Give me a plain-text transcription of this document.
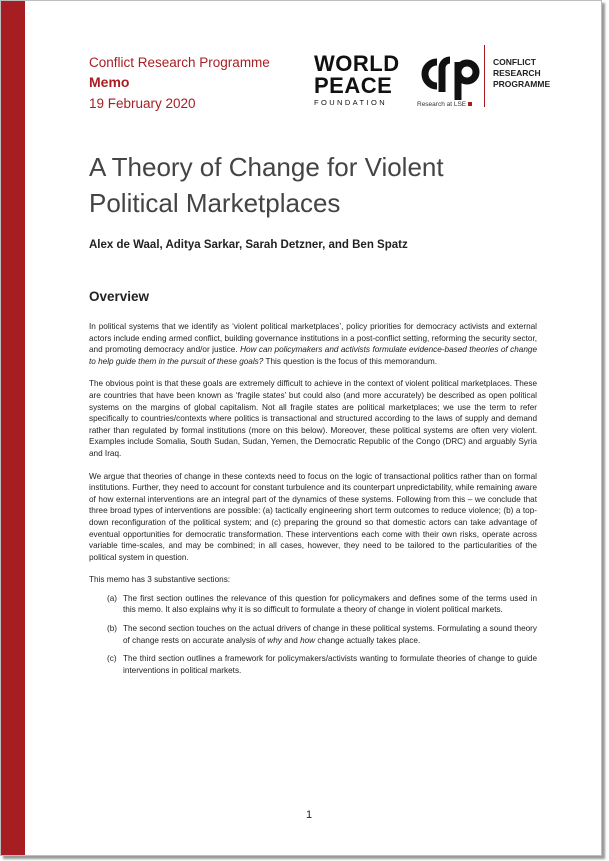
Conflict Research Programme
Memo
19 February 2020
WORLD
PEACE
FOUNDATION	Research at LSE
CONFLICT
RESEARCH
PROGRAMME
A Theory of Change for Violent
Political Marketplaces
Alex de Waal, Aditya Sarkar, Sarah Detzner, and Ben Spatz
Overview

In political systems that we identify as ‘violent political marketplaces’, policy priorities for democracy activists and external actors include ending armed conflict, building governance institutions in a post-conflict setting, reforming the security sector, and promoting democracy and/or justice. How can policymakers and activists formulate evidence-based theories of change to help guide them in the pursuit of these goals? This question is the focus of this memorandum.

The obvious point is that these goals are extremely difficult to achieve in the context of violent political marketplaces. These are countries that have been known as ‘fragile states’ but could also (and more accurately) be described as open political systems on the margins of global capitalism. Not all fragile states are political marketplaces; we use the term to refer specifically to countries/contexts where politics is transactional and structured according to the laws of supply and demand rather than regulated by formal institutions (more on this below). Moreover, these political systems are often very violent. Examples include Somalia, South Sudan, Sudan, Yemen, the Democratic Republic of the Congo (DRC) and arguably Syria and Iraq.

We argue that theories of change in these contexts need to focus on the logic of transactional politics rather than on formal institutions. Further, they need to account for constant turbulence and its counterpart unpredictability, while remaining aware of how external interventions are an integral part of the dynamics of these systems. Following from this – we conclude that three broad types of interventions are possible: (a) tactically engineering short term outcomes to reduce violence; (b) a top-down reconfiguration of the political system; and (c) preparing the ground so that domestic actors can take advantage of eventual opportunities for democratic transformation. These interventions each come with their own risks, operate across variable time-scales, and may be combined; in all cases, however, they need to be tailored to the particularities of the political system in question.

This memo has 3 substantive sections:

(a) The first section outlines the relevance of this question for policymakers and defines some of the terms used in this memo. It also explains why it is so difficult to formulate a theory of change in violent political markets.
(b) The second section touches on the actual drivers of change in these political systems. Formulating a sound theory of change rests on accurate analysis of why and how change actually takes place.
(c) The third section outlines a framework for policymakers/activists wanting to formulate theories of change to guide interventions in political markets.
1
